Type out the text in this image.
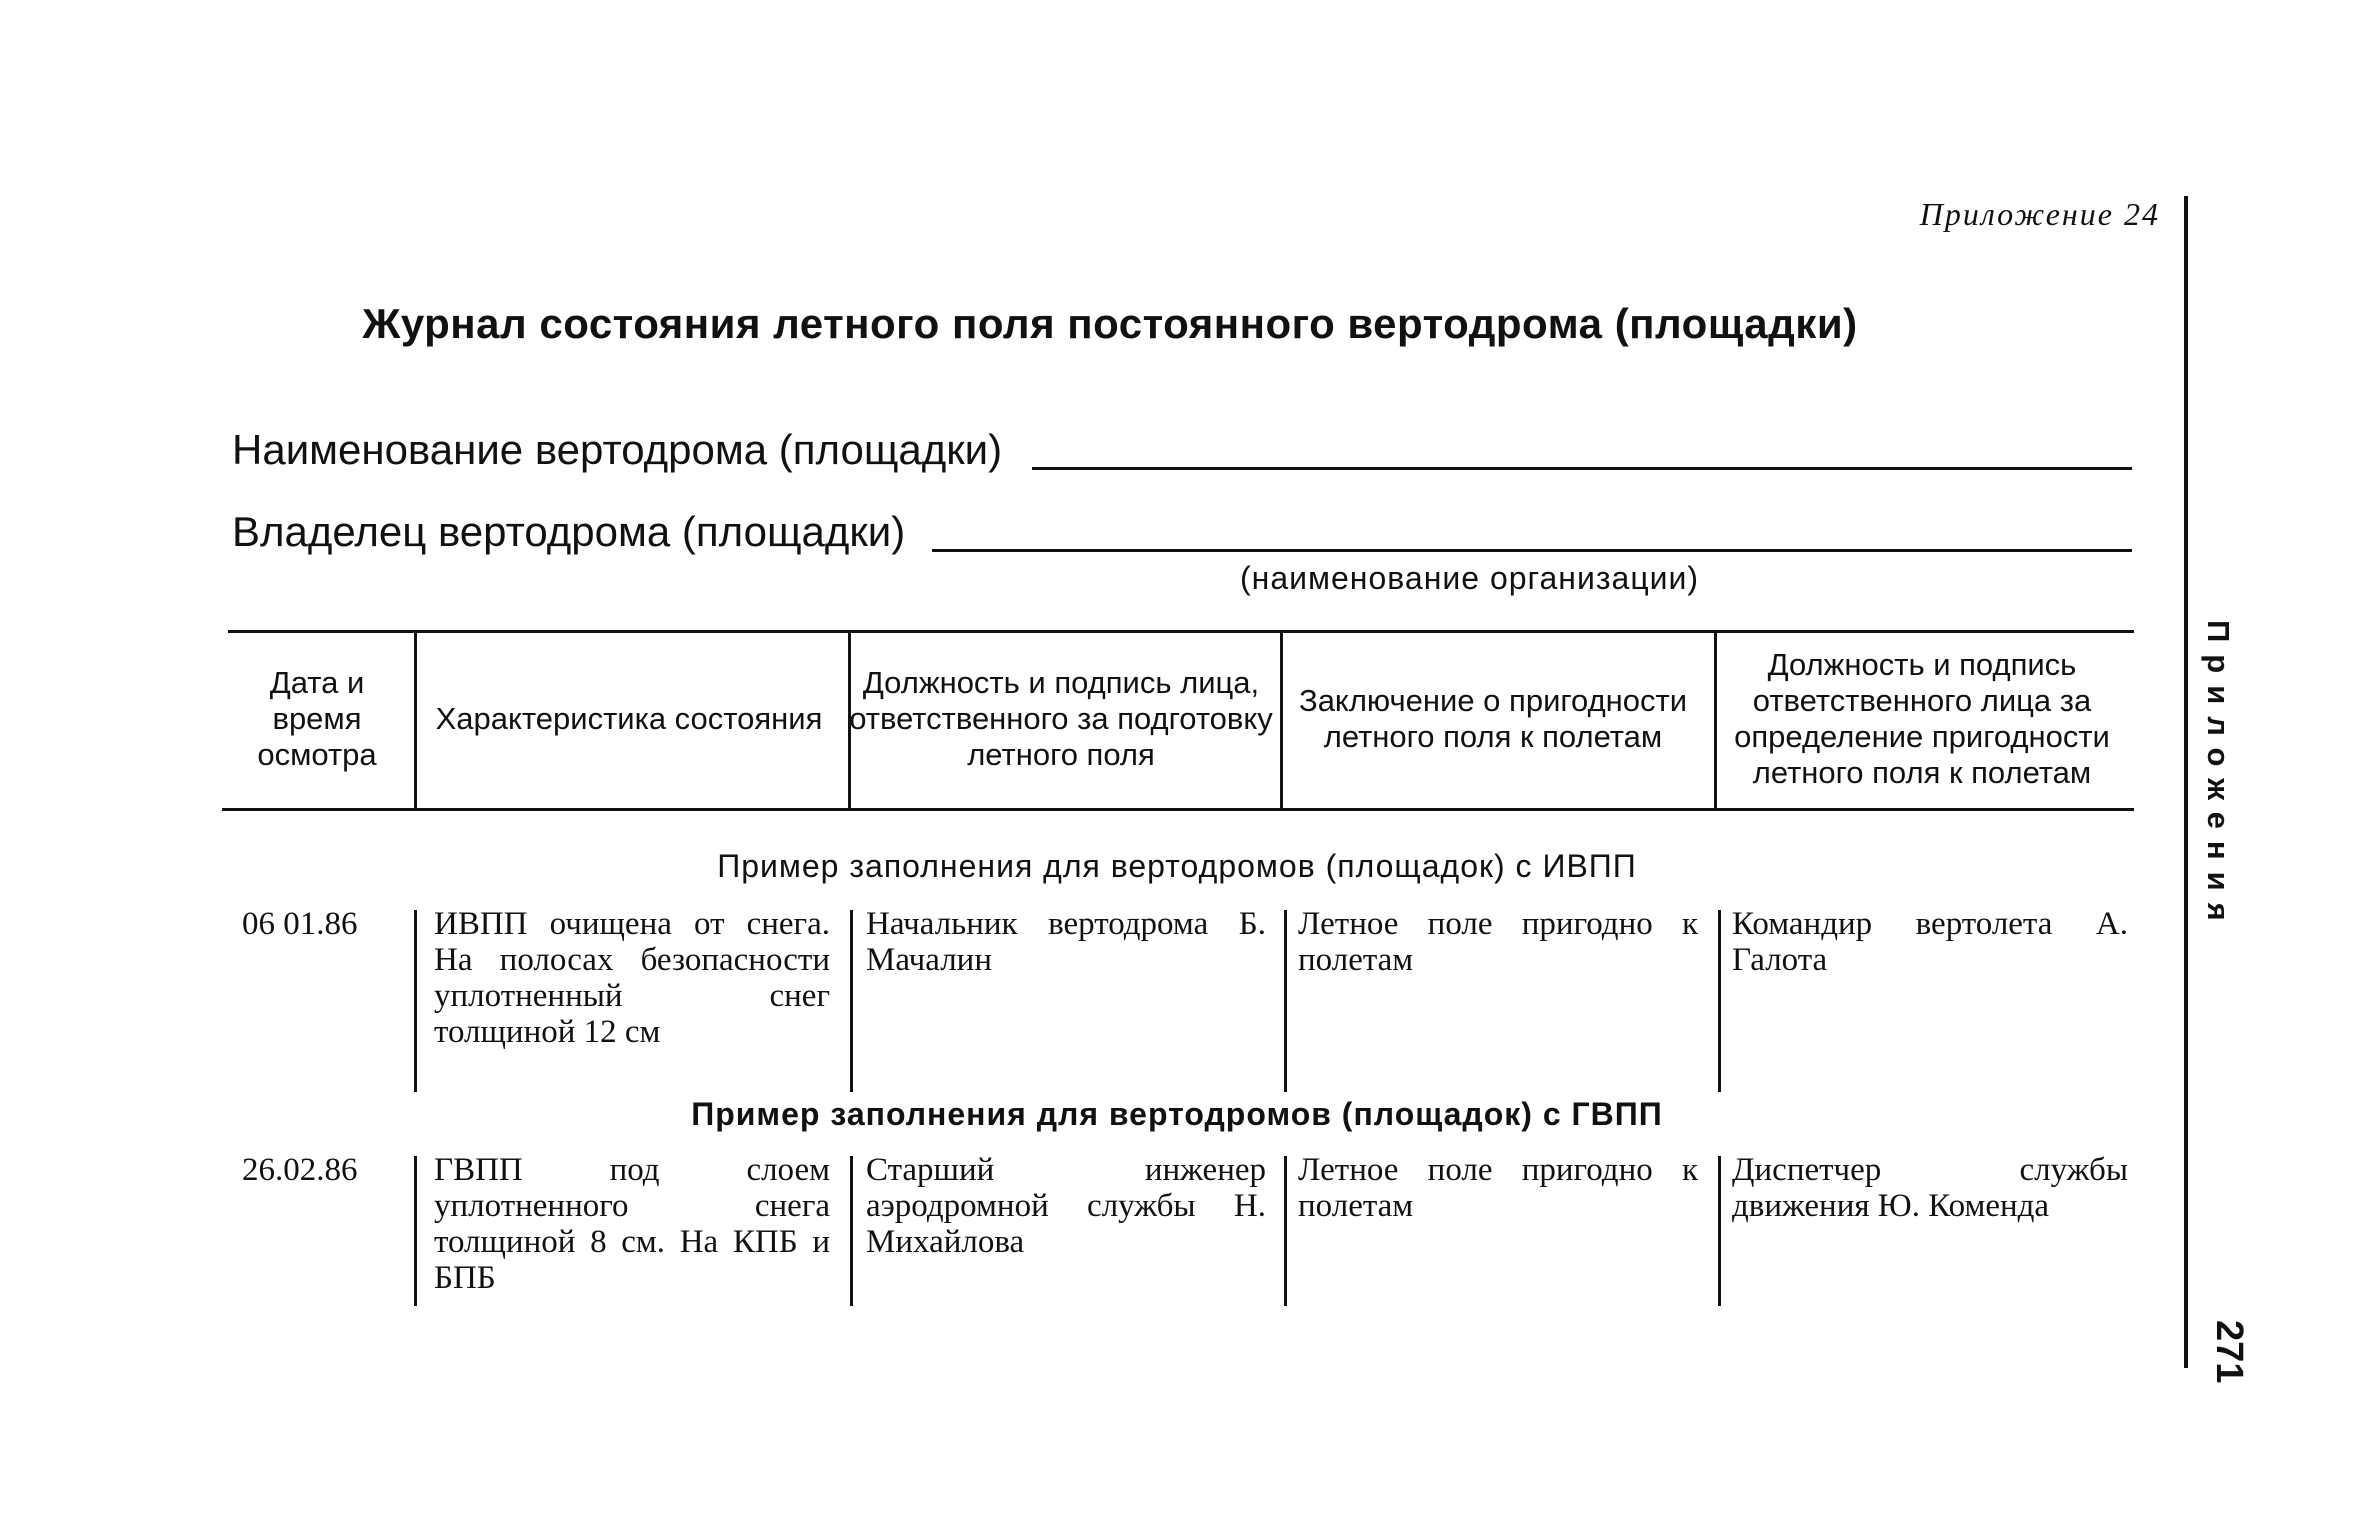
Приложение 24
Журнал состояния летного поля постоянного вертодрома (площадки)
Наименование вертодрома (площадки)
Владелец вертодрома (площадки)
(наименование организации)
Дата и время осмотра
Характеристика состояния
Должность и подпись лица, ответственного за подготовку летного поля
Заключение о пригодности летного поля к полетам
Должность и подпись ответственного лица за определение пригодности летного поля к полетам
Пример заполнения для вертодромов (площадок) с ИВПП
06 01.86	ИВПП очищена от снега. На полосах безопасности уплотненный снег толщиной 12 см
Начальник вертодрома Б. Мачалин
Летное поле пригодно к полетам
Командир вертолета А. Галота
Пример заполнения для вертодромов (площадок) с ГВПП
26.02.86	ГВПП под слоем уплотненного снега толщиной 8 см. На КПБ и БПБ
Старший инженер аэродромной службы Н. Михайлова
Летное поле пригодно к полетам
Диспетчер службы движения Ю. Коменда
Приложения
271
